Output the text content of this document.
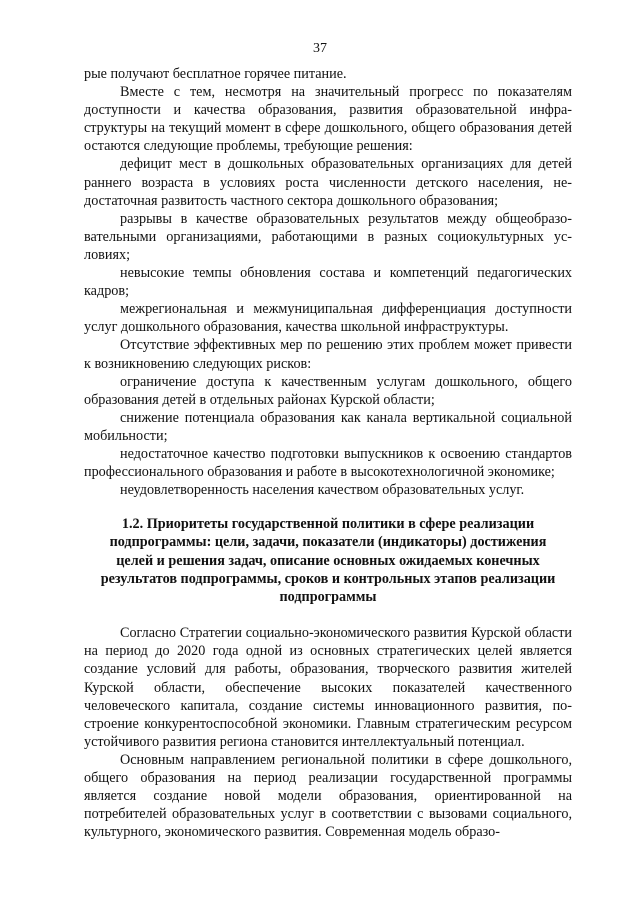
37

рые получают бесплатное горячее питание.

Вместе с тем, несмотря на значительный прогресс по показателям доступности и качества образования, развития образовательной инфраструктуры на текущий момент в сфере дошкольного, общего образования детей остаются следующие проблемы, требующие решения:

дефицит мест в дошкольных образовательных организациях для детей раннего возраста в условиях роста численности детского населения, недостаточная развитость частного сектора дошкольного образования;

разрывы в качестве образовательных результатов между общеобразовательными организациями, работающими в разных социокультурных условиях;

невысокие темпы обновления состава и компетенций педагогических кадров;

межрегиональная и межмуниципальная дифференциация доступности услуг дошкольного образования, качества школьной инфраструктуры.

Отсутствие эффективных мер по решению этих проблем может привести к возникновению следующих рисков:

ограничение доступа к качественным услугам дошкольного, общего образования детей в отдельных районах Курской области;

снижение потенциала образования как канала вертикальной социальной мобильности;

недостаточное качество подготовки выпускников к освоению стандартов профессионального образования и работе в высокотехнологичной экономике;

неудовлетворенность населения качеством образовательных услуг.

1.2. Приоритеты государственной политики в сфере реализации подпрограммы: цели, задачи, показатели (индикаторы) достижения целей и решения задач, описание основных ожидаемых конечных результатов подпрограммы, сроков и контрольных этапов реализации подпрограммы

Согласно Стратегии социально-экономического развития Курской области на период до 2020 года одной из основных стратегических целей является создание условий для работы, образования, творческого развития жителей Курской области, обеспечение высоких показателей качественного человеческого капитала, создание системы инновационного развития, построение конкурентоспособной экономики. Главным стратегическим ресурсом устойчивого развития региона становится интеллектуальный потенциал.

Основным направлением региональной политики в сфере дошкольного, общего образования на период реализации государственной программы является создание новой модели образования, ориентированной на потребителей образовательных услуг в соответствии с вызовами социального, культурного, экономического развития. Современная модель образо-
